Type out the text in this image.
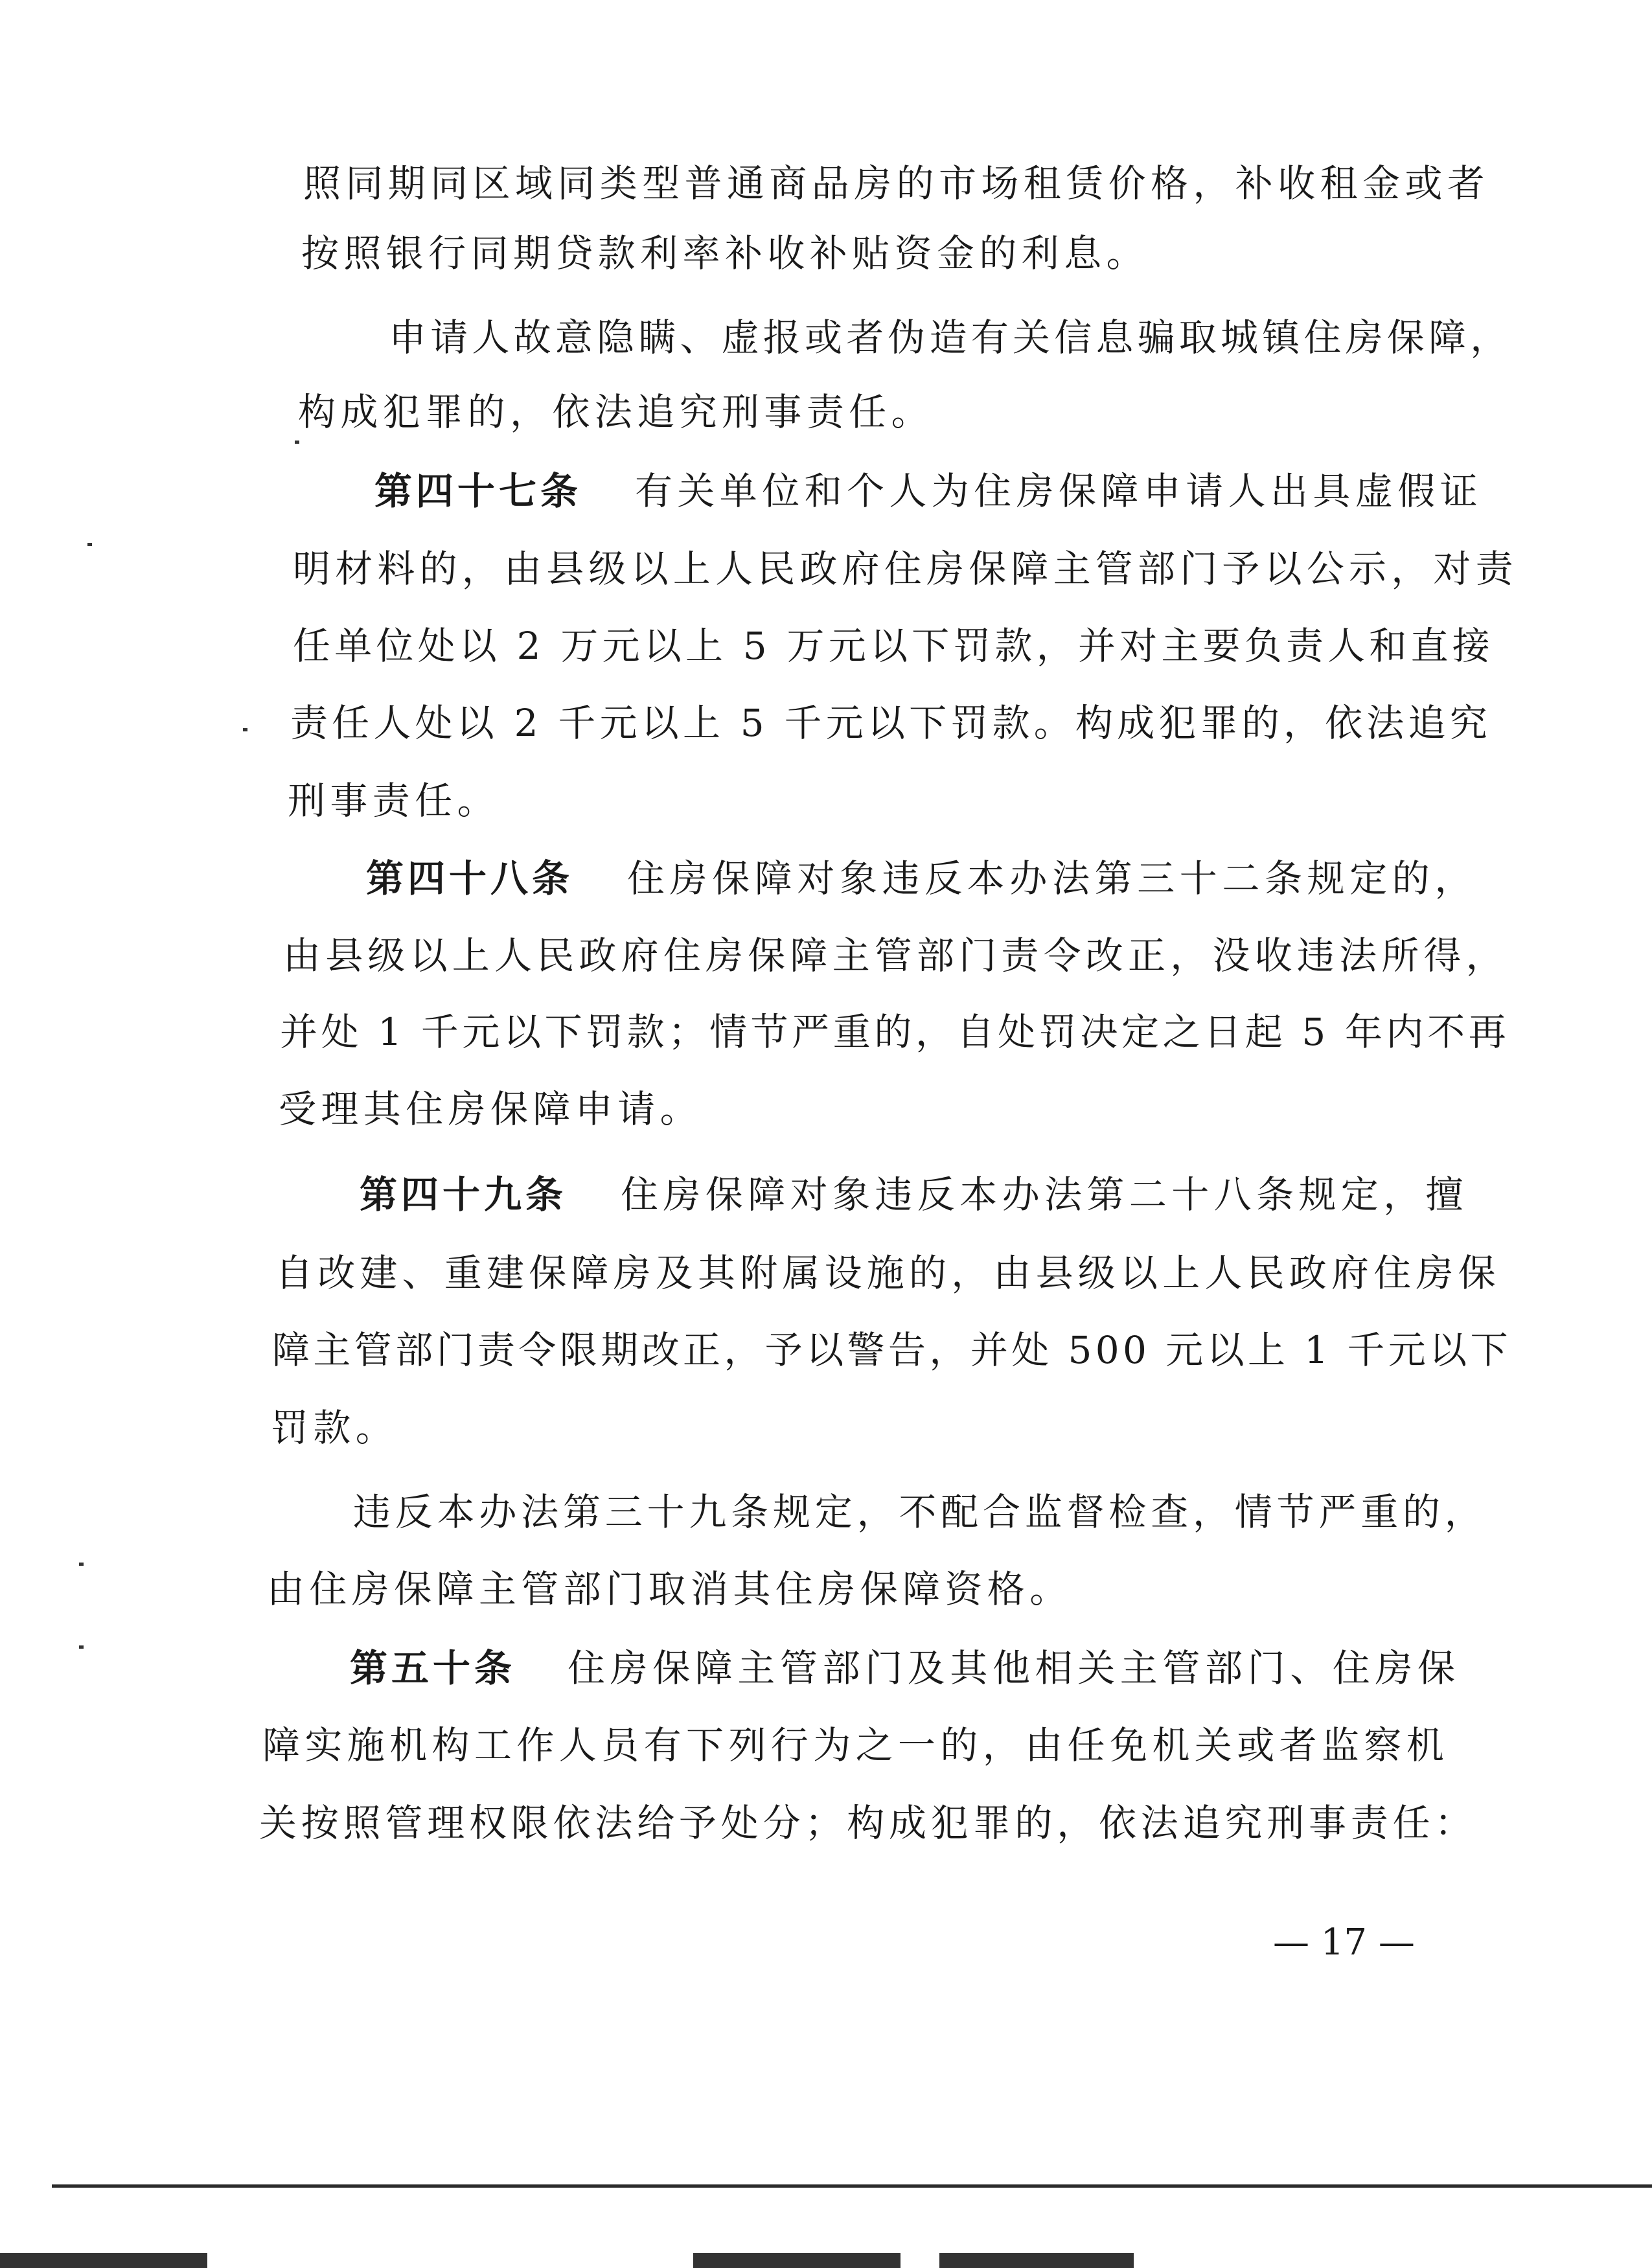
照同期同区域同类型普通商品房的市场租赁价格，补收租金或者
按照银行同期贷款利率补收补贴资金的利息。
申请人故意隐瞒、虚报或者伪造有关信息骗取城镇住房保障，
构成犯罪的，依法追究刑事责任。
第四十七条 有关单位和个人为住房保障申请人出具虚假证
明材料的，由县级以上人民政府住房保障主管部门予以公示，对责
任单位处以 2 万元以上 5 万元以下罚款，并对主要负责人和直接
责任人处以 2 千元以上 5 千元以下罚款。构成犯罪的，依法追究
刑事责任。
第四十八条 住房保障对象违反本办法第三十二条规定的，
由县级以上人民政府住房保障主管部门责令改正，没收违法所得，
并处 1 千元以下罚款；情节严重的，自处罚决定之日起 5 年内不再
受理其住房保障申请。
第四十九条 住房保障对象违反本办法第二十八条规定，擅
自改建、重建保障房及其附属设施的，由县级以上人民政府住房保
障主管部门责令限期改正，予以警告，并处 500 元以上 1 千元以下
罚款。
违反本办法第三十九条规定，不配合监督检查，情节严重的，
由住房保障主管部门取消其住房保障资格。
第五十条 住房保障主管部门及其他相关主管部门、住房保
障实施机构工作人员有下列行为之一的，由任免机关或者监察机
关按照管理权限依法给予处分；构成犯罪的，依法追究刑事责任：
— 17 —
